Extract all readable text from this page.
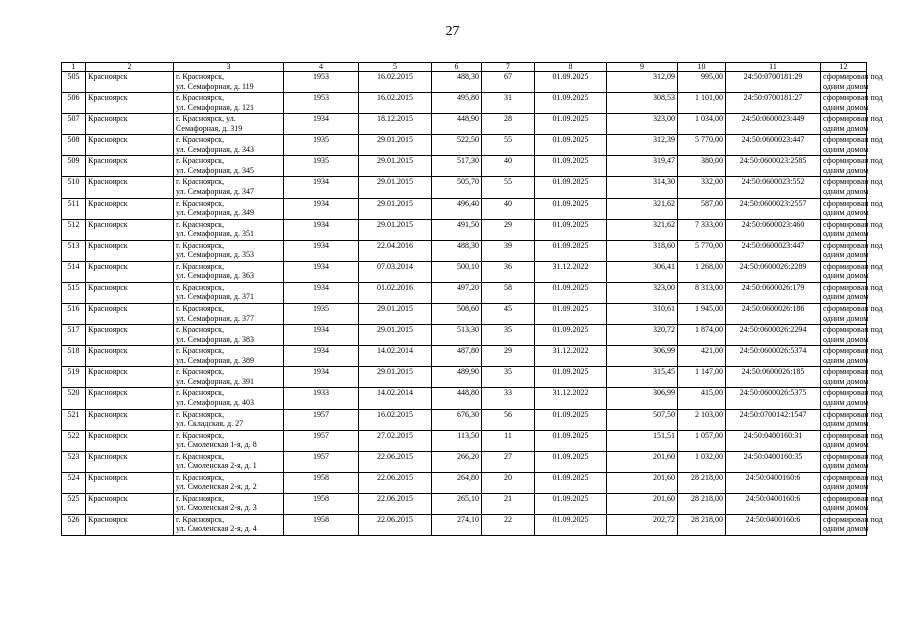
27
1	2	3	4	5	6	7	8	9	10	11	12
505	Красноярск	г. Красноярск,
ул. Семафорная, д. 119	1953	16.02.2015	488,30	67	01.09.2025	312,09	995,00	24:50:0700181:29	сформирован под
одним домом

506	Красноярск	г. Красноярск,
ул. Семафорная, д. 121	1953	16.02.2015	495,80	31	01.09.2025	308,53	1 101,00	24:50:0700181:27	сформирован под
одним домом

507	Красноярск	г. Красноярск, ул.
Семафорная, д. 319	1934	18.12.2015	448,90	28	01.09.2025	323,00	1 034,00	24:50:0600023:449	сформирован под
одним домом

508	Красноярск	г. Красноярск,
ул. Семафорная, д. 343	1935	29.01.2015	522,50	55	01.09.2025	312,39	5 770,00	24:50:0600023:447	сформирован под
одним домом

509	Красноярск	г. Красноярск,
ул. Семафорная, д. 345	1935	29.01.2015	517,30	40	01.09.2025	319,47	380,00	24:50:0600023:2585	сформирован под
одним домом

510	Красноярск	г. Красноярск,
ул. Семафорная, д. 347	1934	29.01.2015	505,70	55	01.09.2025	314,30	332,00	24:50:0600023:552	сформирован под
одним домом

511	Красноярск	г. Красноярск,
ул. Семафорная, д. 349	1934	29.01.2015	496,40	40	01.09.2025	321,62	587,00	24:50:0600023:2557	сформирован под
одним домом

512	Красноярск	г. Красноярск,
ул. Семафорная, д. 351	1934	29.01.2015	491,50	29	01.09.2025	321,62	7 333,00	24:50:0600023:460	сформирован под
одним домом

513	Красноярск	г. Красноярск,
ул. Семафорная, д. 353	1934	22.04.2016	488,30	39	01.09.2025	318,60	5 770,00	24:50:0600023:447	сформирован под
одним домом

514	Красноярск	г. Красноярск,
ул. Семафорная, д. 363	1934	07.03.2014	500,10	36	31.12.2022	306,41	1 268,00	24:50:0600026:2289	сформирован под
одним домом

515	Красноярск	г. Красноярск,
ул. Семафорная, д. 371	1934	01.02.2016	497,20	58	01.09.2025	323,00	8 313,00	24:50:0600026:179	сформирован под
одним домом

516	Красноярск	г. Красноярск,
ул. Семафорная, д. 377	1935	29.01.2015	508,60	45	01.09.2025	310,61	1 945,00	24:50:0600026:186	сформирован под
одним домом

517	Красноярск	г. Красноярск,
ул. Семафорная, д. 383	1934	29.01.2015	513,30	35	01.09.2025	320,72	1 874,00	24:50:0600026:2294	сформирован под
одним домом

518	Красноярск	г. Красноярск,
ул. Семафорная, д. 389	1934	14.02.2014	487,80	29	31.12.2022	306,99	421,00	24:50:0600026:5374	сформирован под
одним домом

519	Красноярск	г. Красноярск,
ул. Семафорная, д. 391	1934	29.01.2015	489,90	35	01.09.2025	315,45	1 147,00	24:50:0600026:185	сформирован под
одним домом

520	Красноярск	г. Красноярск,
ул. Семафорная, д. 403	1933	14.02.2014	448,80	33	31.12.2022	306,99	415,00	24:50:0600026:5375	сформирован под
одним домом

521	Красноярск	г. Красноярск,
ул. Складская, д. 27	1957	16.02.2015	676,30	56	01.09.2025	507,50	2 103,00	24:50:0700142:1547	сформирован под
одним домом

522	Красноярск	г. Красноярск,
ул. Смоленская 1-я, д. 8	1957	27.02.2015	113,50	11	01.09.2025	151,51	1 057,00	24:50:0400160:31	сформирован под
одним домом

523	Красноярск	г. Красноярск,
ул. Смоленская 2-я, д. 1	1957	22.06.2015	266,20	27	01.09.2025	201,60	1 032,00	24:50:0400160:35	сформирован под
одним домом

524	Красноярск	г. Красноярск,
ул. Смоленская 2-я, д. 2	1958	22.06.2015	264,80	20	01.09.2025	201,60	28 218,00	24:50:0400160:6	сформирован под
одним домом

525	Красноярск	г. Красноярск,
ул. Смоленская 2-я, д. 3	1958	22.06.2015	265,10	21	01.09.2025	201,60	28 218,00	24:50:0400160:6	сформирован под
одним домом

526	Красноярск	г. Красноярск,
ул. Смоленская 2-я, д. 4	1958	22.06.2015	274,10	22	01.09.2025	202,72	28 218,00	24:50:0400160:6	сформирован под
одним домом
